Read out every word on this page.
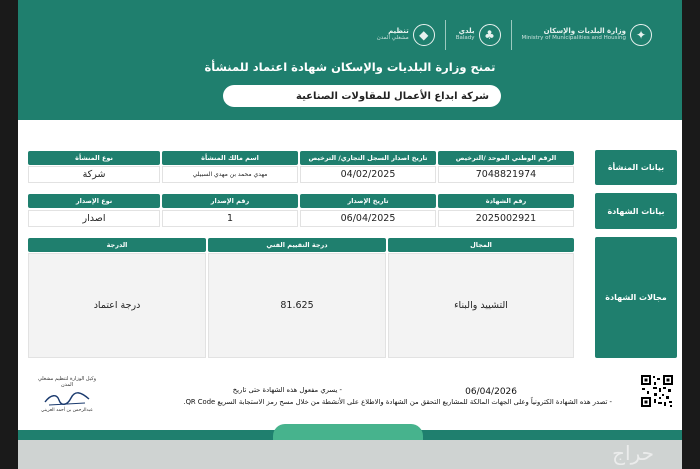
✦
وزارة البلديات والإسكان
Ministry of Municipalities and Housing
♣
بلدي
Balady
◆
تنظيم
مشغلي المدن
تمنح وزارة البلديات والإسكان شهادة اعتماد للمنشأة
شركة ابداع الأعمال للمقاولات الصناعية
بيانات المنشأة
الرقم الوطني الموحد /الترخيص
تاريخ اصدار السجل التجاري/ الترخيص
اسم مالك المنشأة
نوع المنشأة
7048821974
04/02/2025
مهدي محمد بن مهدي السبيلي
شركة
بيانات الشهادة
رقم الشهادة
تاريخ الإصدار
رقم الإصدار
نوع الإصدار
2025002921
06/04/2025
1
اصدار
مجالات الشهادة
المجال
درجة التقييم الفني
الدرجة
التشييد والبناء
81.625
درجة اعتماد
- يسري مفعول هذه الشهادة حتى تاريخ	06/04/2026
- تصدر هذه الشهادة الكترونياً وعلى الجهات المالكة للمشاريع التحقق من الشهادة والاطلاع على الأنشطة من خلال مسح رمز الاستجابة السريع QR Code.
وكيل الوزارة لتنظيم مشغلي المدن
عبدالرحمن بن أحمد العريني
حراج
